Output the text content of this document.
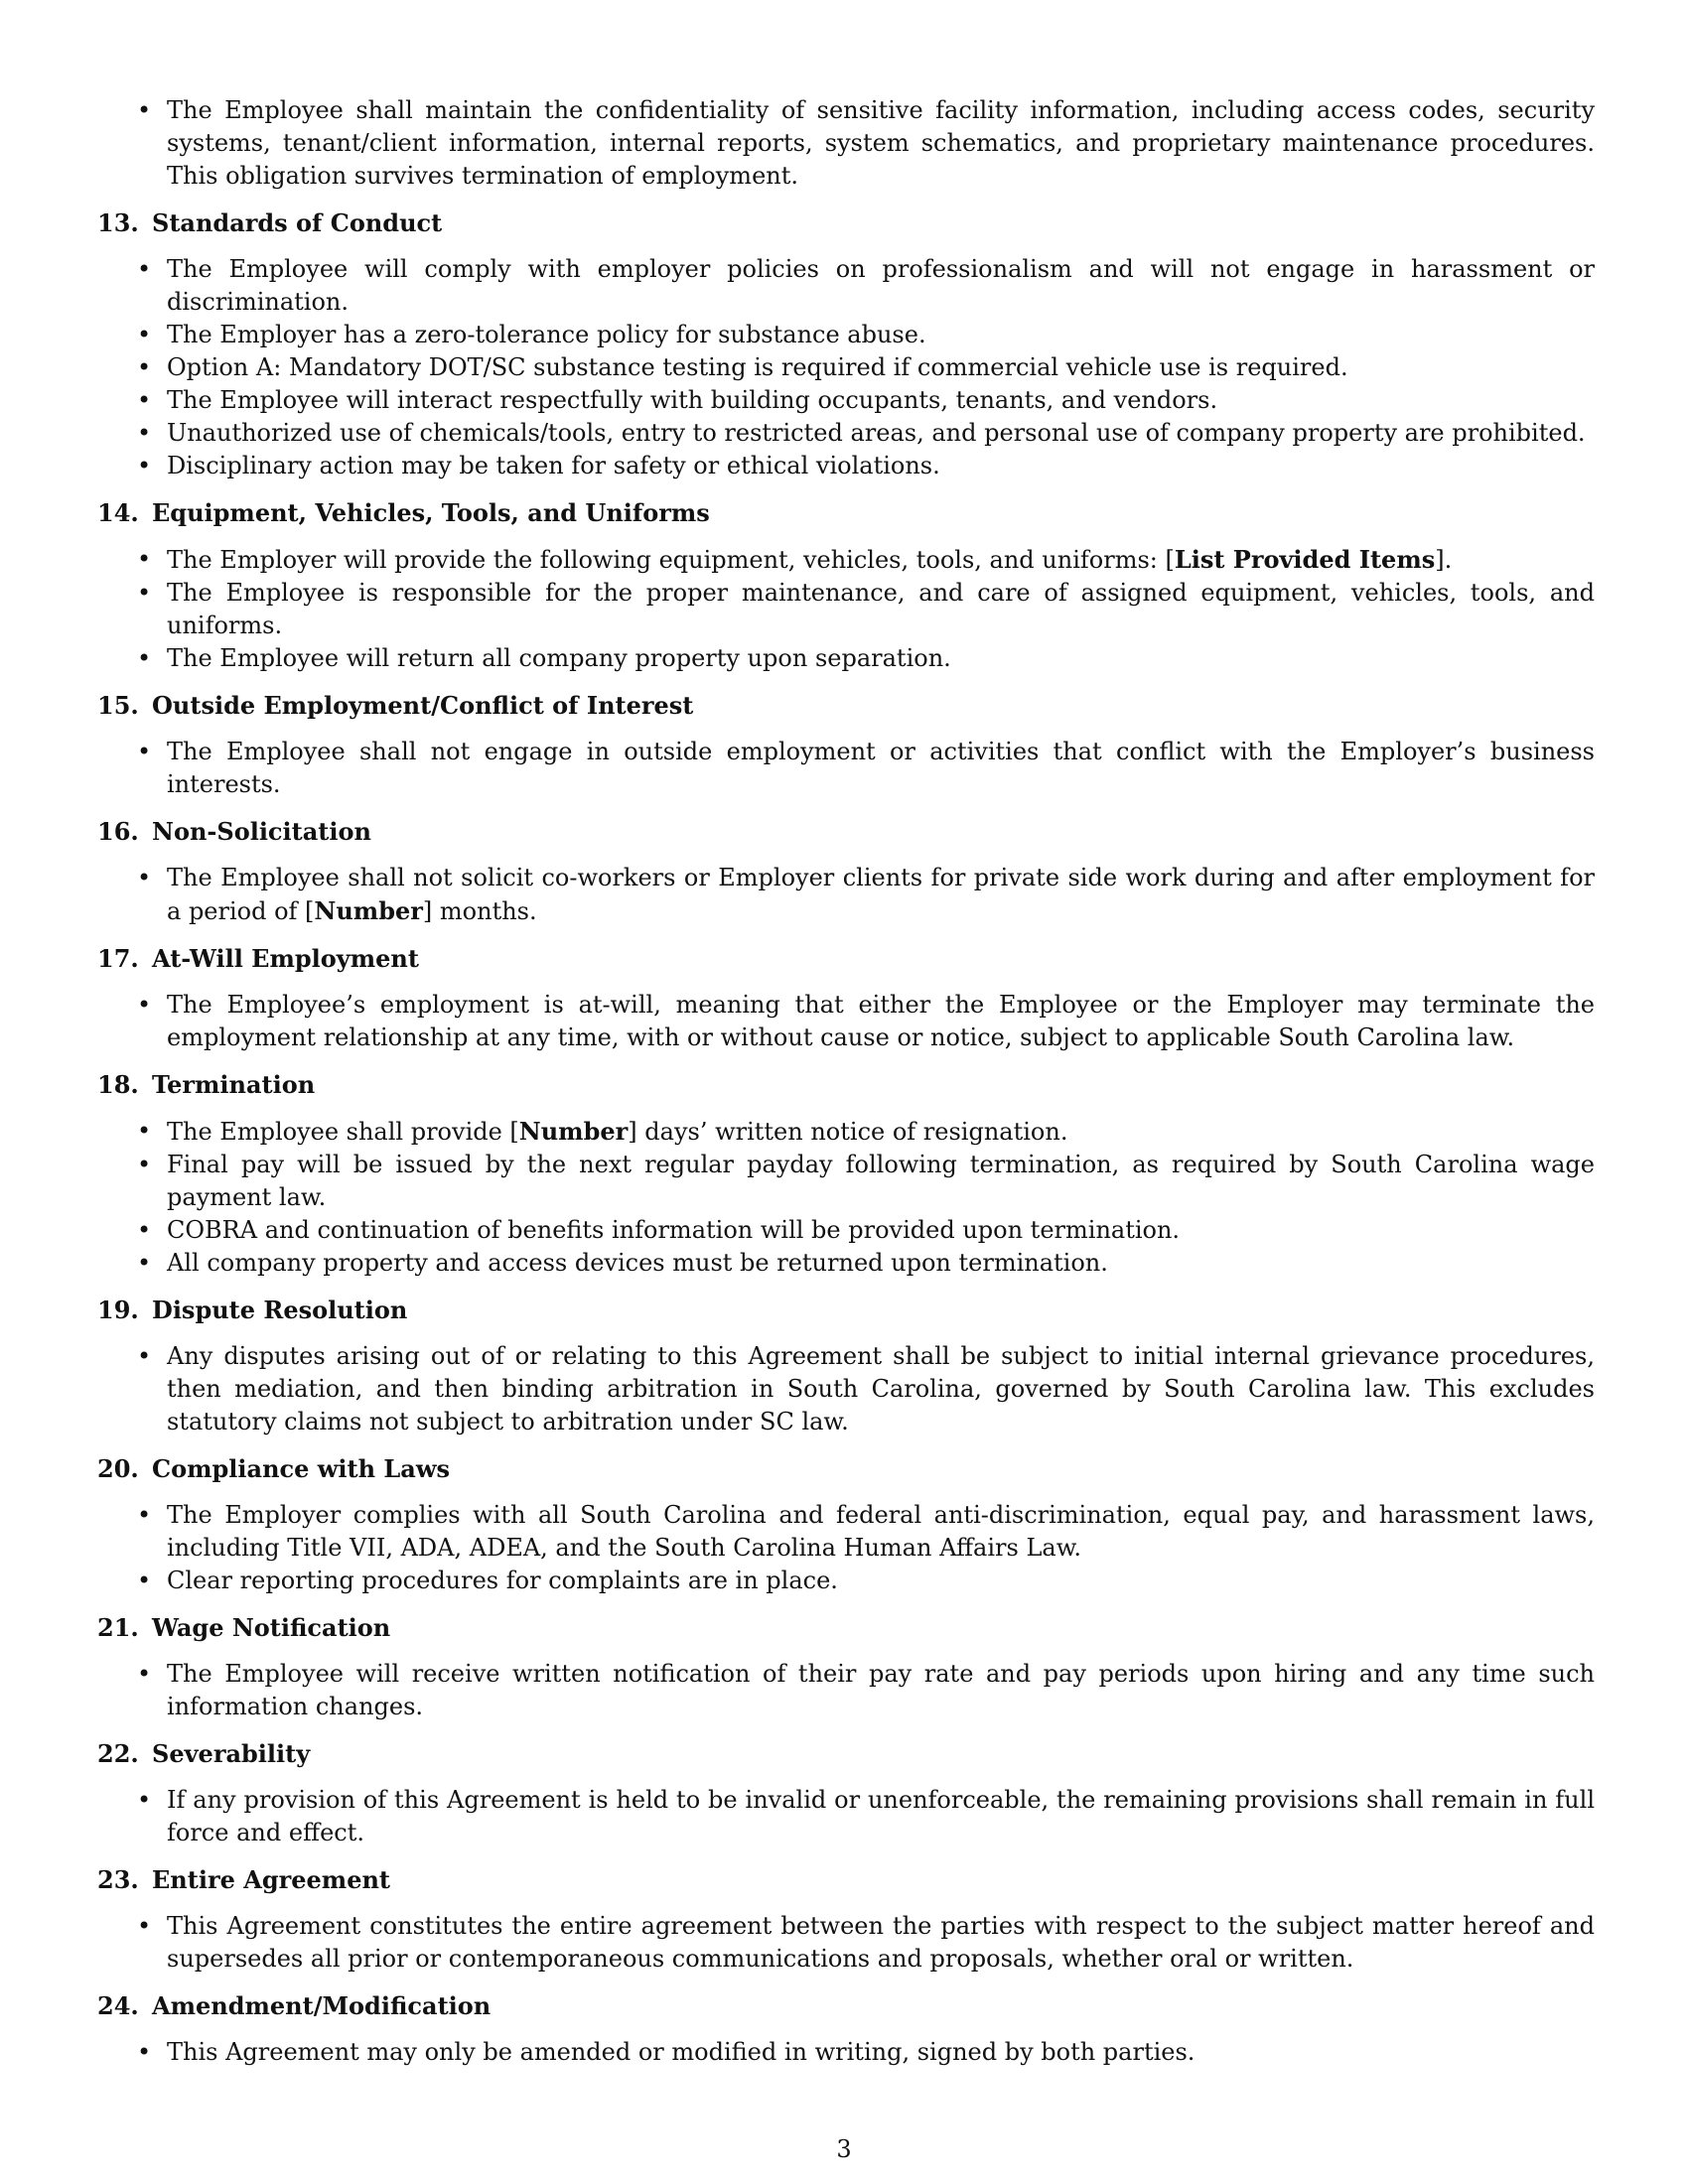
• The Employee shall maintain the confidentiality of sensitive facility information, including access codes, security systems, tenant/client information, internal reports, system schematics, and proprietary maintenance procedures. This obligation survives termination of employment.
13. Standards of Conduct
• The Employee will comply with employer policies on professionalism and will not engage in harassment or discrimination.
• The Employer has a zero-tolerance policy for substance abuse.
• Option A: Mandatory DOT/SC substance testing is required if commercial vehicle use is required.
• The Employee will interact respectfully with building occupants, tenants, and vendors.
• Unauthorized use of chemicals/tools, entry to restricted areas, and personal use of company property are prohibited.
• Disciplinary action may be taken for safety or ethical violations.
14. Equipment, Vehicles, Tools, and Uniforms
• The Employer will provide the following equipment, vehicles, tools, and uniforms: [List Provided Items].
• The Employee is responsible for the proper maintenance, and care of assigned equipment, vehicles, tools, and uniforms.
• The Employee will return all company property upon separation.
15. Outside Employment/Conflict of Interest
• The Employee shall not engage in outside employment or activities that conflict with the Employer’s business interests.
16. Non-Solicitation
• The Employee shall not solicit co-workers or Employer clients for private side work during and after employment for a period of [Number] months.
17. At-Will Employment
• The Employee’s employment is at-will, meaning that either the Employee or the Employer may terminate the employment relationship at any time, with or without cause or notice, subject to applicable South Carolina law.
18. Termination
• The Employee shall provide [Number] days’ written notice of resignation.
• Final pay will be issued by the next regular payday following termination, as required by South Carolina wage payment law.
• COBRA and continuation of benefits information will be provided upon termination.
• All company property and access devices must be returned upon termination.
19. Dispute Resolution
• Any disputes arising out of or relating to this Agreement shall be subject to initial internal grievance procedures, then mediation, and then binding arbitration in South Carolina, governed by South Carolina law. This excludes statutory claims not subject to arbitration under SC law.
20. Compliance with Laws
• The Employer complies with all South Carolina and federal anti-discrimination, equal pay, and harassment laws, including Title VII, ADA, ADEA, and the South Carolina Human Affairs Law.
• Clear reporting procedures for complaints are in place.
21. Wage Notification
• The Employee will receive written notification of their pay rate and pay periods upon hiring and any time such information changes.
22. Severability
• If any provision of this Agreement is held to be invalid or unenforceable, the remaining provisions shall remain in full force and effect.
23. Entire Agreement
• This Agreement constitutes the entire agreement between the parties with respect to the subject matter hereof and supersedes all prior or contemporaneous communications and proposals, whether oral or written.
24. Amendment/Modification
• This Agreement may only be amended or modified in writing, signed by both parties.
3
